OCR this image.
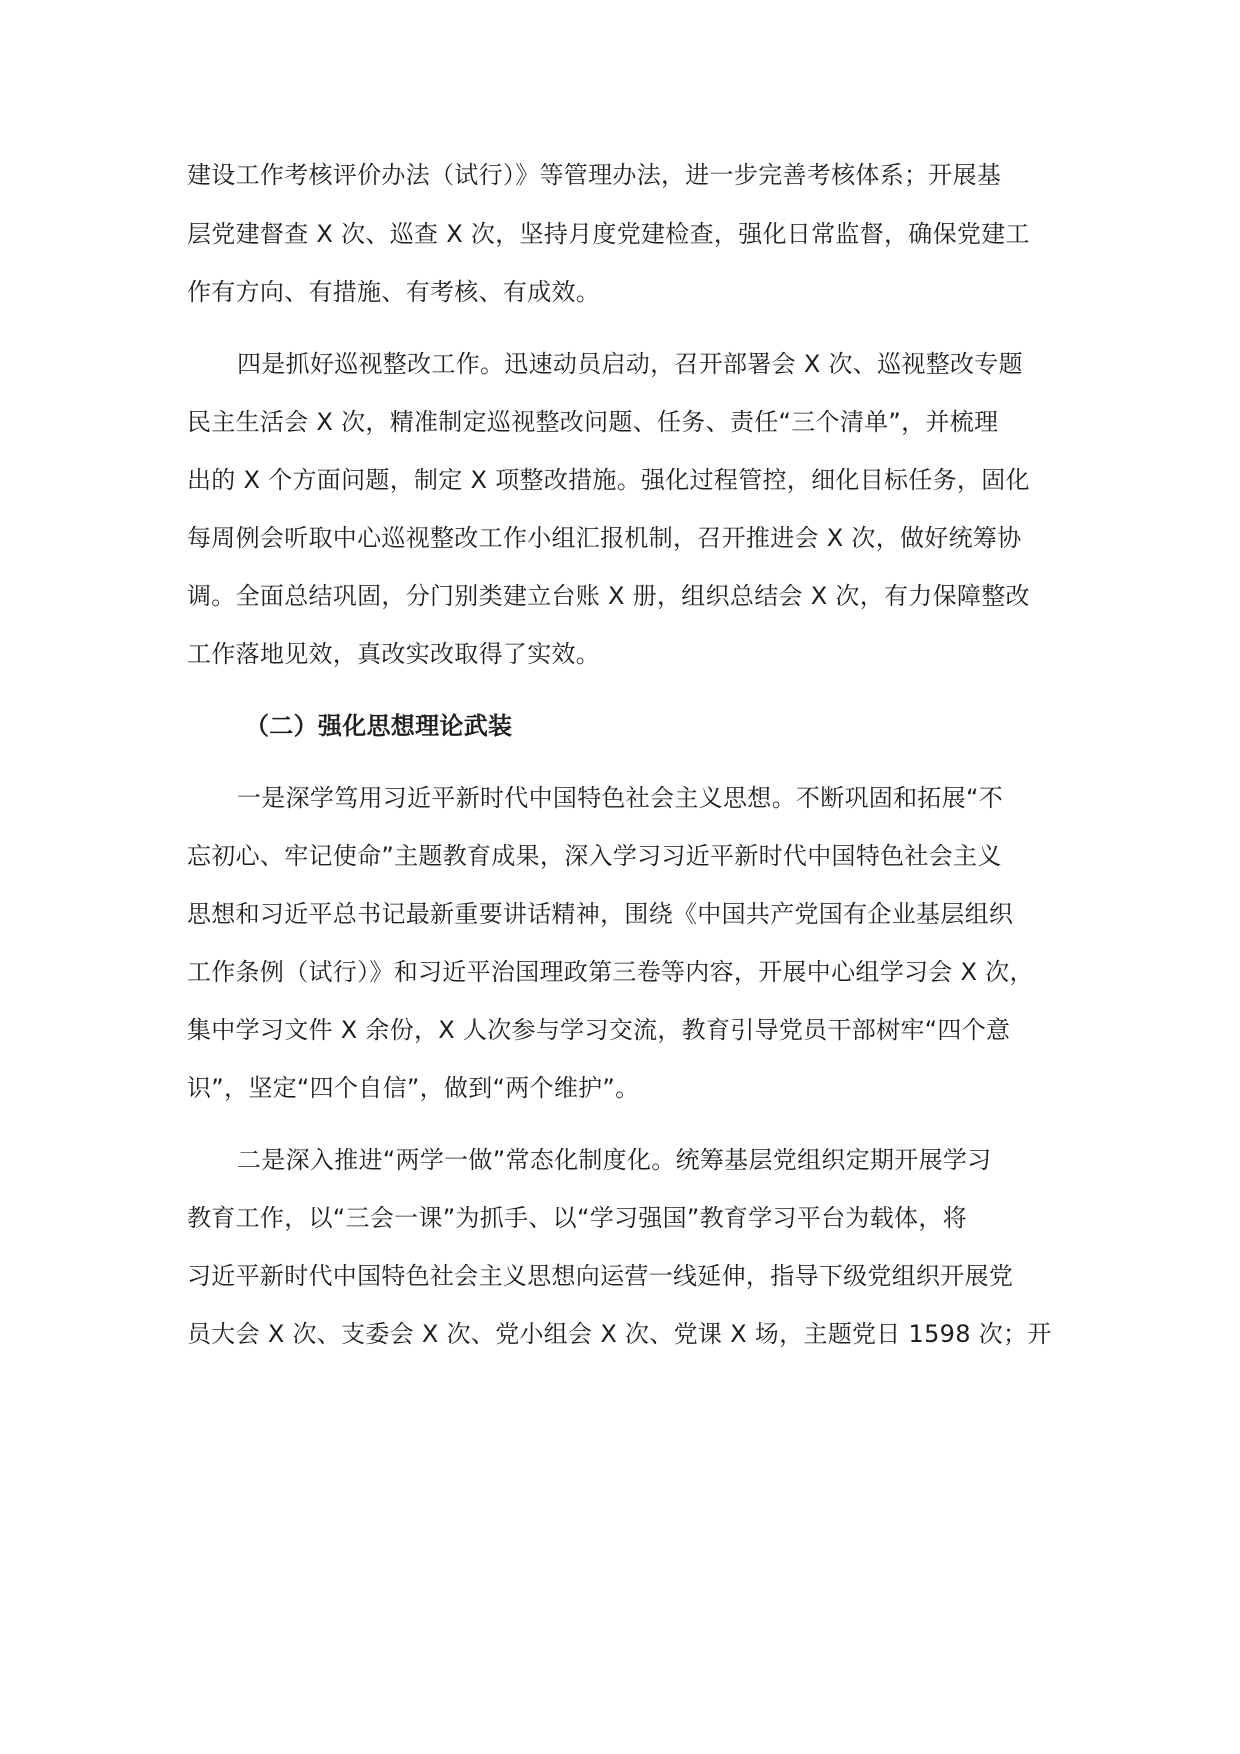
建设工作考核评价办法（试行）》等管理办法，进一步完善考核体系；开展基
层党建督查 X 次、巡查 X 次，坚持月度党建检查，强化日常监督，确保党建工
作有方向、有措施、有考核、有成效。
四是抓好巡视整改工作。迅速动员启动，召开部署会 X 次、巡视整改专题
民主生活会 X 次，精准制定巡视整改问题、任务、责任“三个清单”，并梳理
出的 X 个方面问题，制定 X 项整改措施。强化过程管控，细化目标任务，固化
每周例会听取中心巡视整改工作小组汇报机制，召开推进会 X 次，做好统筹协
调。全面总结巩固，分门别类建立台账 X 册，组织总结会 X 次，有力保障整改
工作落地见效，真改实改取得了实效。
（二）强化思想理论武装
一是深学笃用习近平新时代中国特色社会主义思想。不断巩固和拓展“不
忘初心、牢记使命”主题教育成果，深入学习习近平新时代中国特色社会主义
思想和习近平总书记最新重要讲话精神，围绕《中国共产党国有企业基层组织
工作条例（试行）》和习近平治国理政第三卷等内容，开展中心组学习会 X 次，
集中学习文件 X 余份，X 人次参与学习交流，教育引导党员干部树牢“四个意
识”，坚定“四个自信”，做到“两个维护”。
二是深入推进“两学一做”常态化制度化。统筹基层党组织定期开展学习
教育工作，以“三会一课”为抓手、以“学习强国”教育学习平台为载体，将
习近平新时代中国特色社会主义思想向运营一线延伸，指导下级党组织开展党
员大会 X 次、支委会 X 次、党小组会 X 次、党课 X 场，主题党日 1598 次；开
